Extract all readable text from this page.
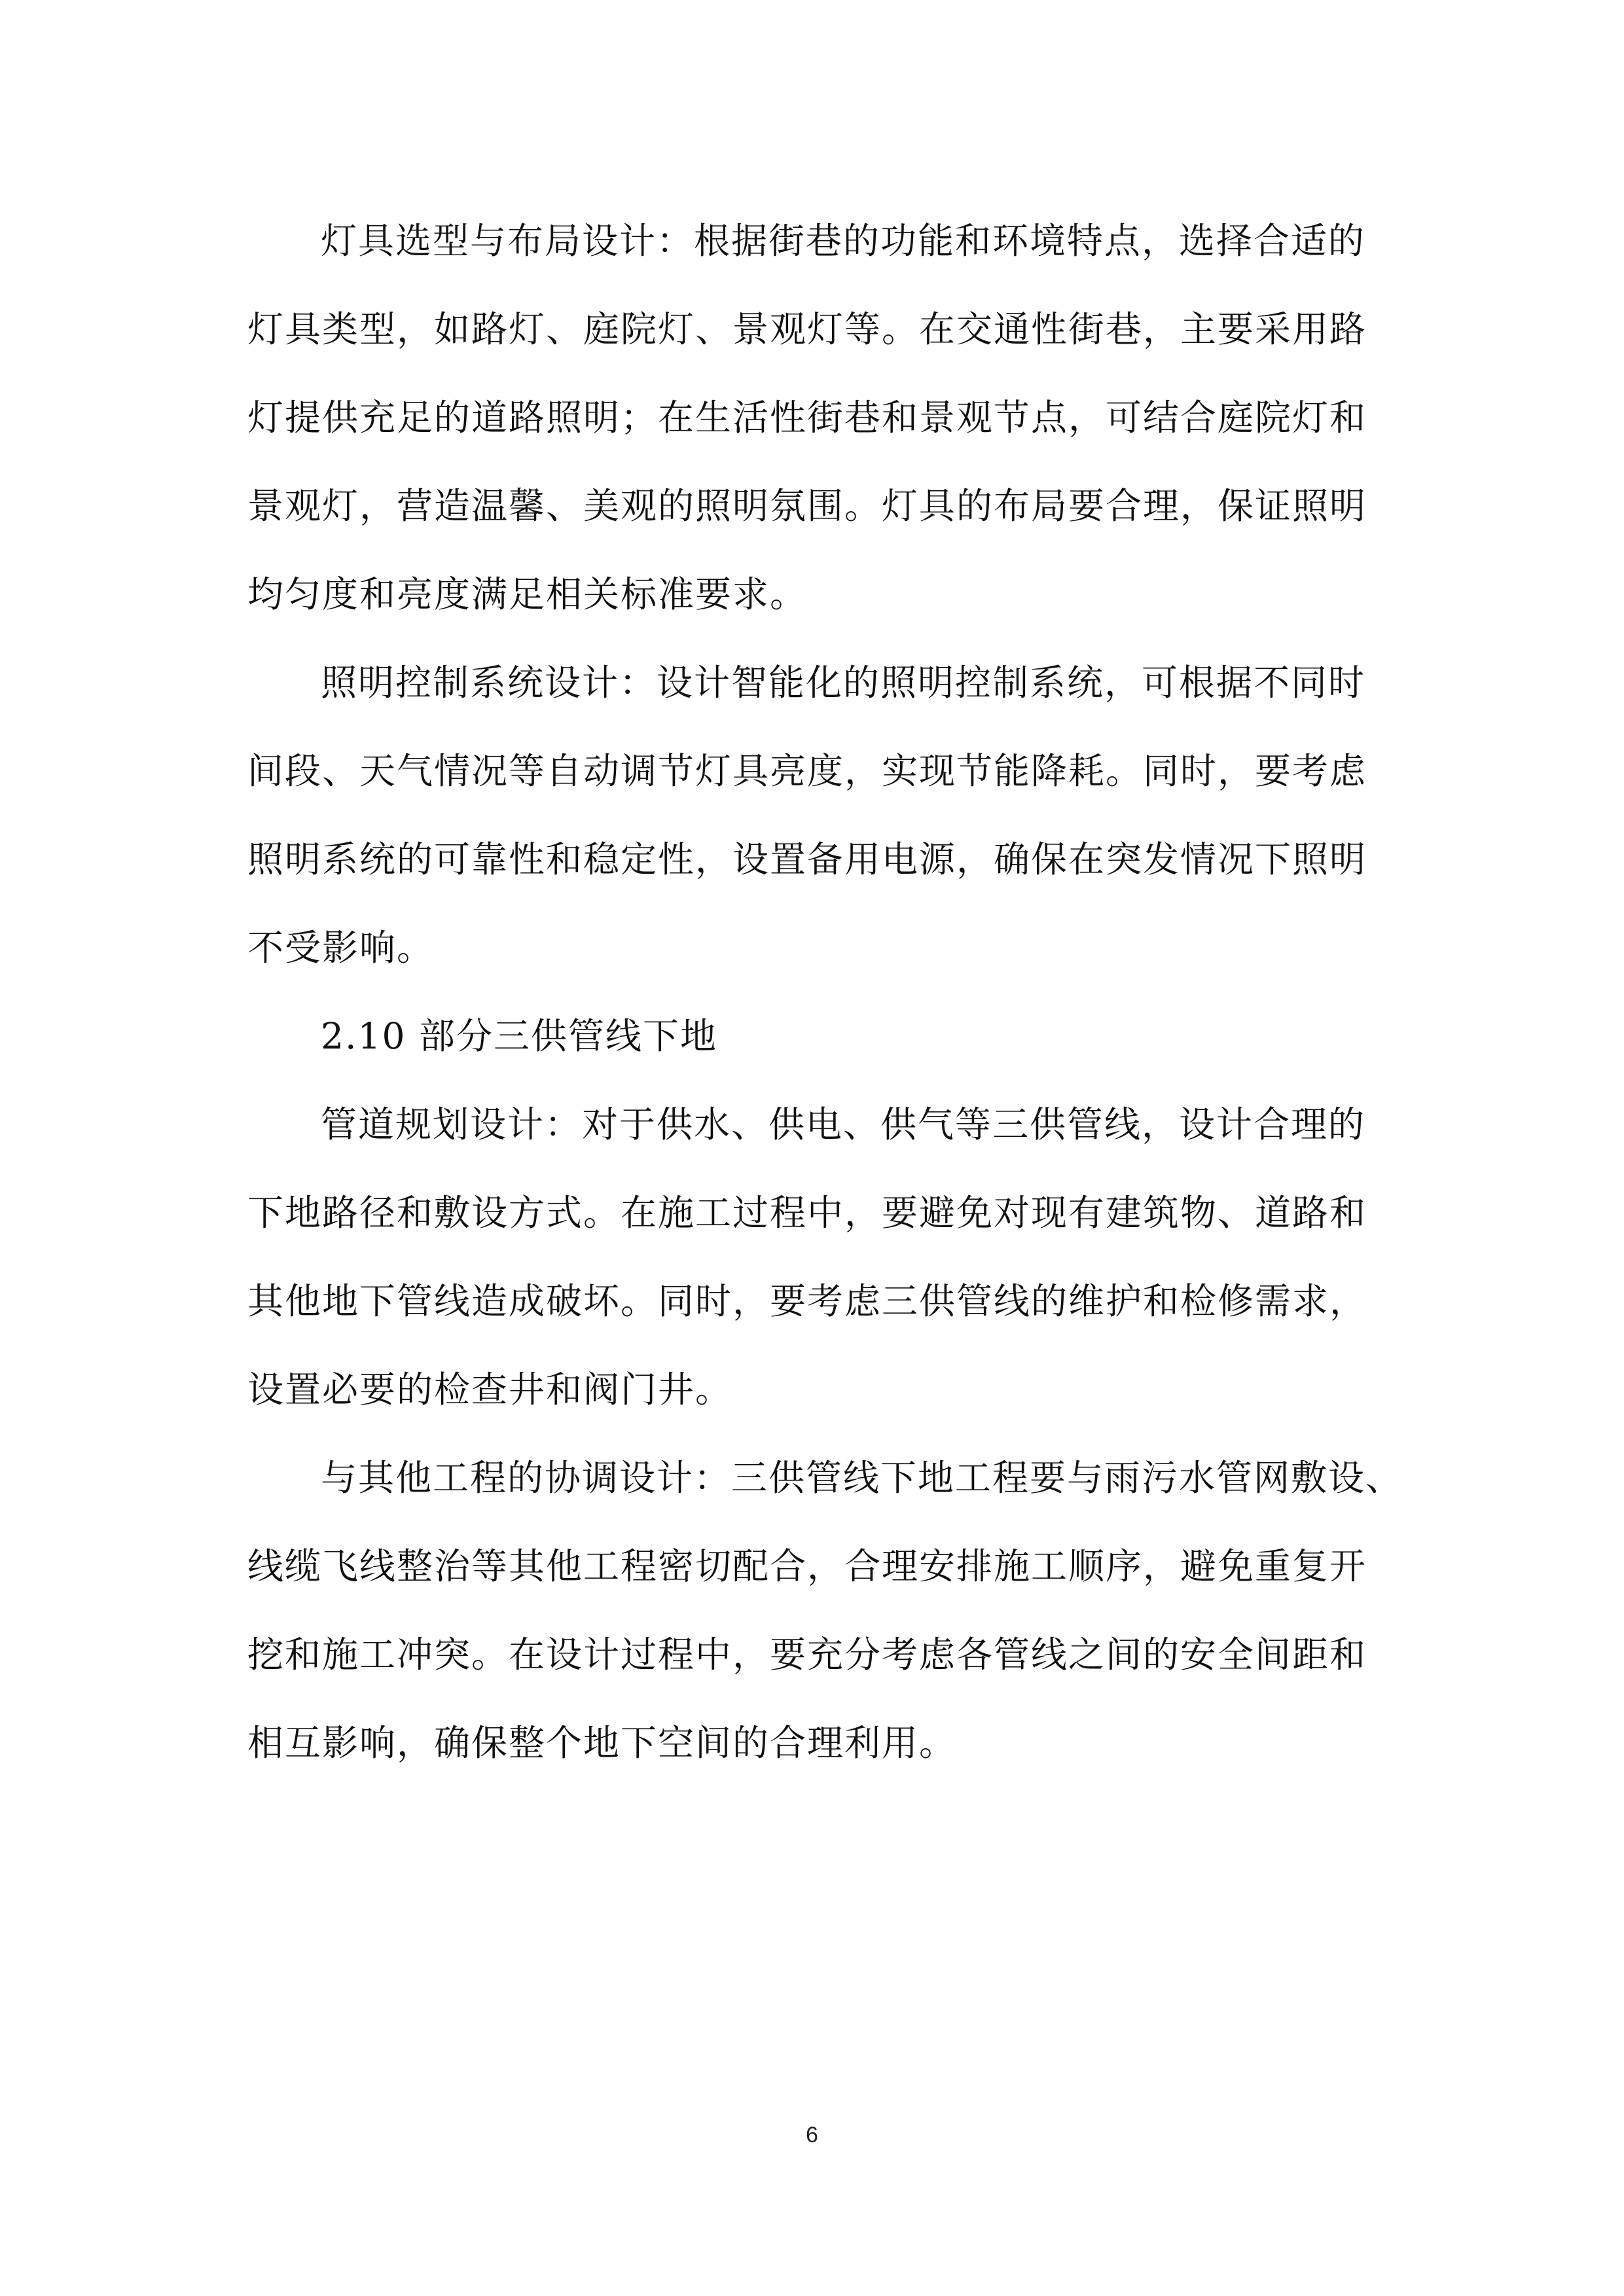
灯具选型与布局设计：根据街巷的功能和环境特点，选择合适的
灯具类型，如路灯、庭院灯、景观灯等。在交通性街巷，主要采用路
灯提供充足的道路照明；在生活性街巷和景观节点，可结合庭院灯和
景观灯，营造温馨、美观的照明氛围。灯具的布局要合理，保证照明
均匀度和亮度满足相关标准要求。
照明控制系统设计：设计智能化的照明控制系统，可根据不同时
间段、天气情况等自动调节灯具亮度，实现节能降耗。同时，要考虑
照明系统的可靠性和稳定性，设置备用电源，确保在突发情况下照明
不受影响。
2.10 部分三供管线下地
管道规划设计：对于供水、供电、供气等三供管线，设计合理的
下地路径和敷设方式。在施工过程中，要避免对现有建筑物、道路和
其他地下管线造成破坏。同时，要考虑三供管线的维护和检修需求，
设置必要的检查井和阀门井。
与其他工程的协调设计：三供管线下地工程要与雨污水管网敷设、
线缆飞线整治等其他工程密切配合，合理安排施工顺序，避免重复开
挖和施工冲突。在设计过程中，要充分考虑各管线之间的安全间距和
相互影响，确保整个地下空间的合理利用。
6
